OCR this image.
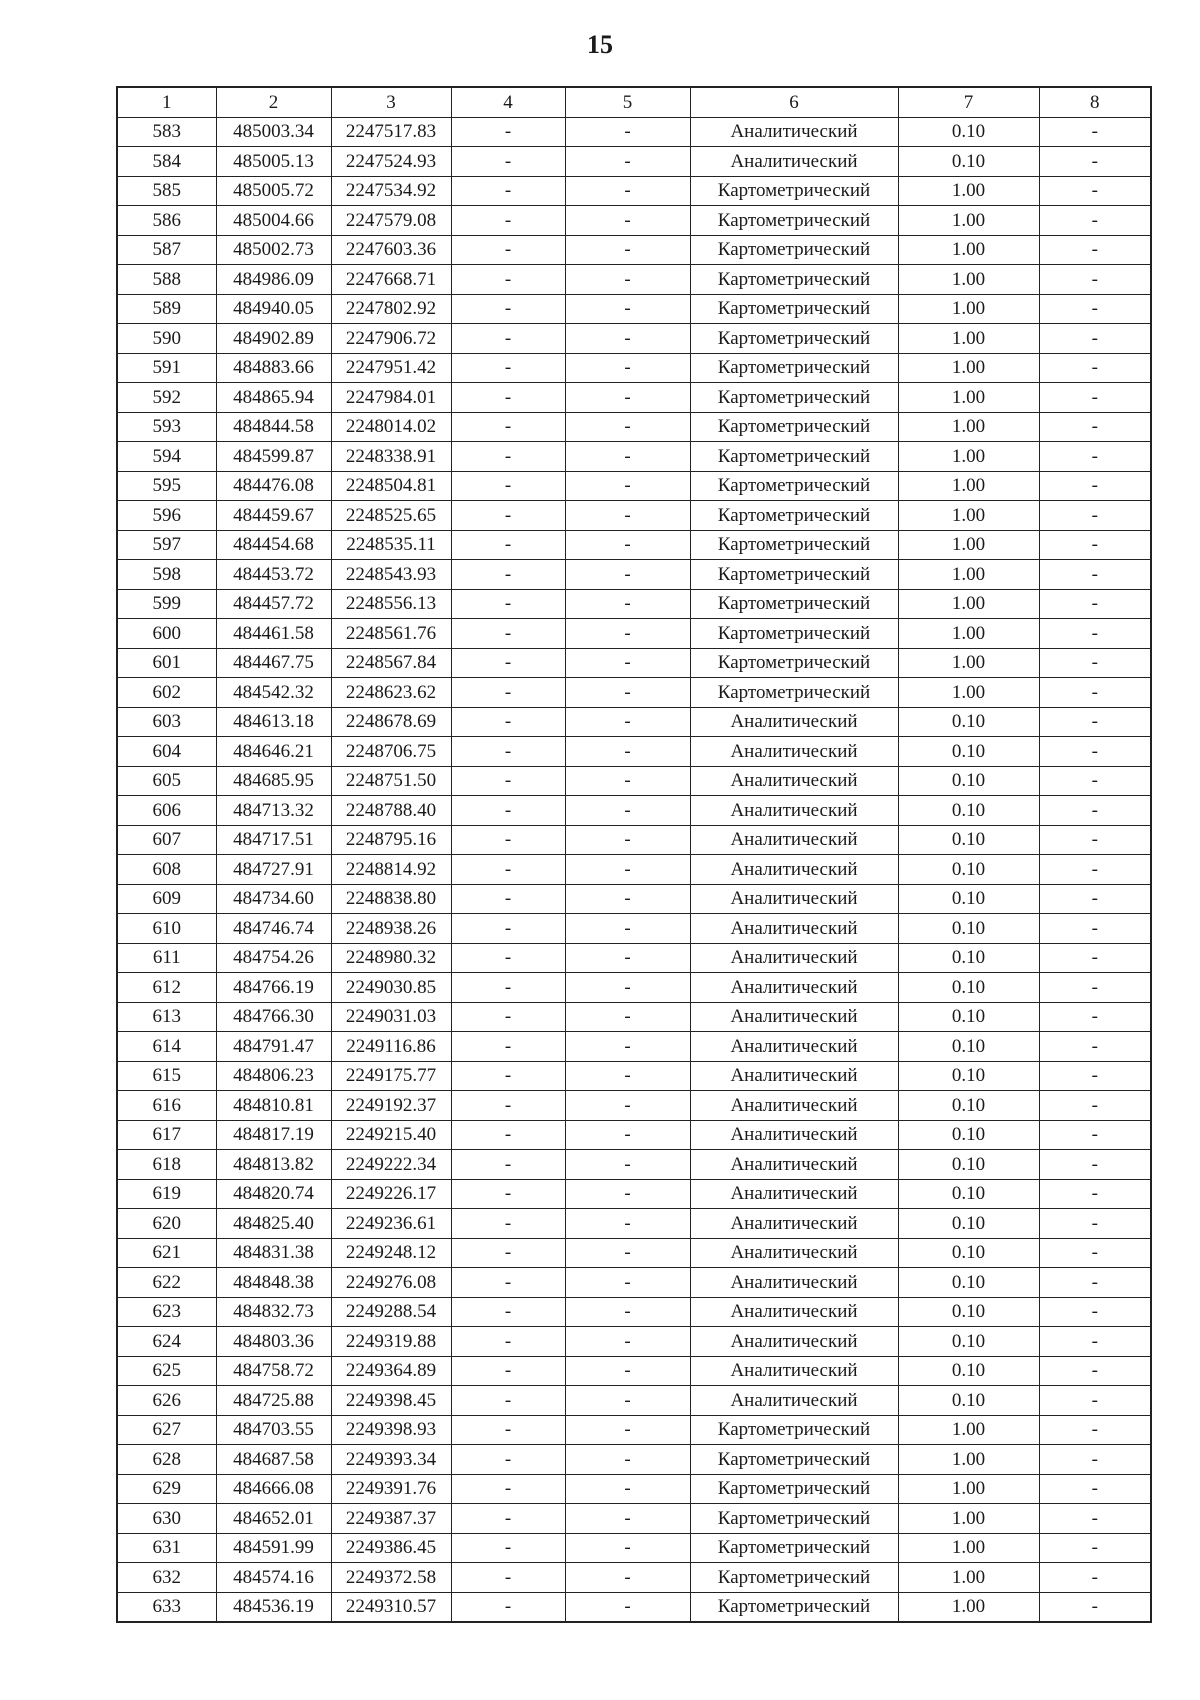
15
1	2	3	4	5	6	7	8
583	485003.34	2247517.83	-	-	Аналитический	0.10	-
584	485005.13	2247524.93	-	-	Аналитический	0.10	-
585	485005.72	2247534.92	-	-	Картометрический	1.00	-
586	485004.66	2247579.08	-	-	Картометрический	1.00	-
587	485002.73	2247603.36	-	-	Картометрический	1.00	-
588	484986.09	2247668.71	-	-	Картометрический	1.00	-
589	484940.05	2247802.92	-	-	Картометрический	1.00	-
590	484902.89	2247906.72	-	-	Картометрический	1.00	-
591	484883.66	2247951.42	-	-	Картометрический	1.00	-
592	484865.94	2247984.01	-	-	Картометрический	1.00	-
593	484844.58	2248014.02	-	-	Картометрический	1.00	-
594	484599.87	2248338.91	-	-	Картометрический	1.00	-
595	484476.08	2248504.81	-	-	Картометрический	1.00	-
596	484459.67	2248525.65	-	-	Картометрический	1.00	-
597	484454.68	2248535.11	-	-	Картометрический	1.00	-
598	484453.72	2248543.93	-	-	Картометрический	1.00	-
599	484457.72	2248556.13	-	-	Картометрический	1.00	-
600	484461.58	2248561.76	-	-	Картометрический	1.00	-
601	484467.75	2248567.84	-	-	Картометрический	1.00	-
602	484542.32	2248623.62	-	-	Картометрический	1.00	-
603	484613.18	2248678.69	-	-	Аналитический	0.10	-
604	484646.21	2248706.75	-	-	Аналитический	0.10	-
605	484685.95	2248751.50	-	-	Аналитический	0.10	-
606	484713.32	2248788.40	-	-	Аналитический	0.10	-
607	484717.51	2248795.16	-	-	Аналитический	0.10	-
608	484727.91	2248814.92	-	-	Аналитический	0.10	-
609	484734.60	2248838.80	-	-	Аналитический	0.10	-
610	484746.74	2248938.26	-	-	Аналитический	0.10	-
611	484754.26	2248980.32	-	-	Аналитический	0.10	-
612	484766.19	2249030.85	-	-	Аналитический	0.10	-
613	484766.30	2249031.03	-	-	Аналитический	0.10	-
614	484791.47	2249116.86	-	-	Аналитический	0.10	-
615	484806.23	2249175.77	-	-	Аналитический	0.10	-
616	484810.81	2249192.37	-	-	Аналитический	0.10	-
617	484817.19	2249215.40	-	-	Аналитический	0.10	-
618	484813.82	2249222.34	-	-	Аналитический	0.10	-
619	484820.74	2249226.17	-	-	Аналитический	0.10	-
620	484825.40	2249236.61	-	-	Аналитический	0.10	-
621	484831.38	2249248.12	-	-	Аналитический	0.10	-
622	484848.38	2249276.08	-	-	Аналитический	0.10	-
623	484832.73	2249288.54	-	-	Аналитический	0.10	-
624	484803.36	2249319.88	-	-	Аналитический	0.10	-
625	484758.72	2249364.89	-	-	Аналитический	0.10	-
626	484725.88	2249398.45	-	-	Аналитический	0.10	-
627	484703.55	2249398.93	-	-	Картометрический	1.00	-
628	484687.58	2249393.34	-	-	Картометрический	1.00	-
629	484666.08	2249391.76	-	-	Картометрический	1.00	-
630	484652.01	2249387.37	-	-	Картометрический	1.00	-
631	484591.99	2249386.45	-	-	Картометрический	1.00	-
632	484574.16	2249372.58	-	-	Картометрический	1.00	-
633	484536.19	2249310.57	-	-	Картометрический	1.00	-
